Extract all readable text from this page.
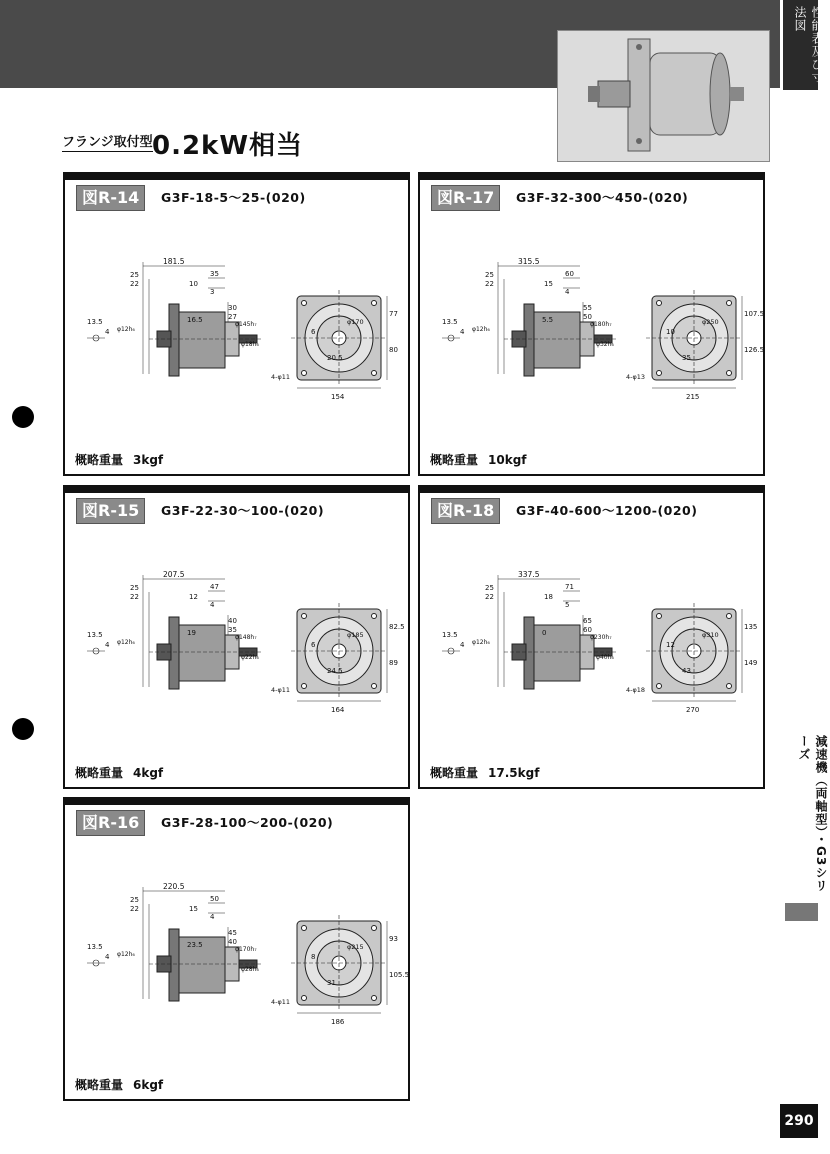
性能表及び寸法図
フランジ取付型 0.2kW相当
図R-14	G3F-18-5～25-(020)
概略重量 3kgf
181.5
25
22	10
35
3
30
27
16.5
13.5
4 φ12h₆
φ145h₇
φ18h₆
77
80
6
φ170
20.5
4-φ11
154
図R-17	G3F-32-300～450-(020)
概略重量 10kgf
315.5
25
22	15
60
4
55
50
5.5
13.5
4 φ12h₆
φ180h₇
φ32h₆
107.5
126.5
10
φ250
35
4-φ13
215
図R-15	G3F-22-30～100-(020)
概略重量 4kgf
207.5
25
22	12
47
4
40
35
19
13.5
4 φ12h₆
φ148h₇
φ22h₆
82.5
89
6
φ185
24.5
4-φ11
164
図R-18	G3F-40-600～1200-(020)
概略重量 17.5kgf
337.5
25
22	18
71
5
65
60
0
13.5
4 φ12h₆
φ230h₇
φ40h₆
135
149
12
φ310
43
4-φ18
270
図R-16	G3F-28-100～200-(020)
概略重量 6kgf
220.5
25
22	15
50
4
45
40
23.5
13.5
4 φ12h₆
φ170h₇
φ28h₆
93
105.5
8
φ215
31
4-φ11
186
減速機（両軸型）・G3シリーズ
290
